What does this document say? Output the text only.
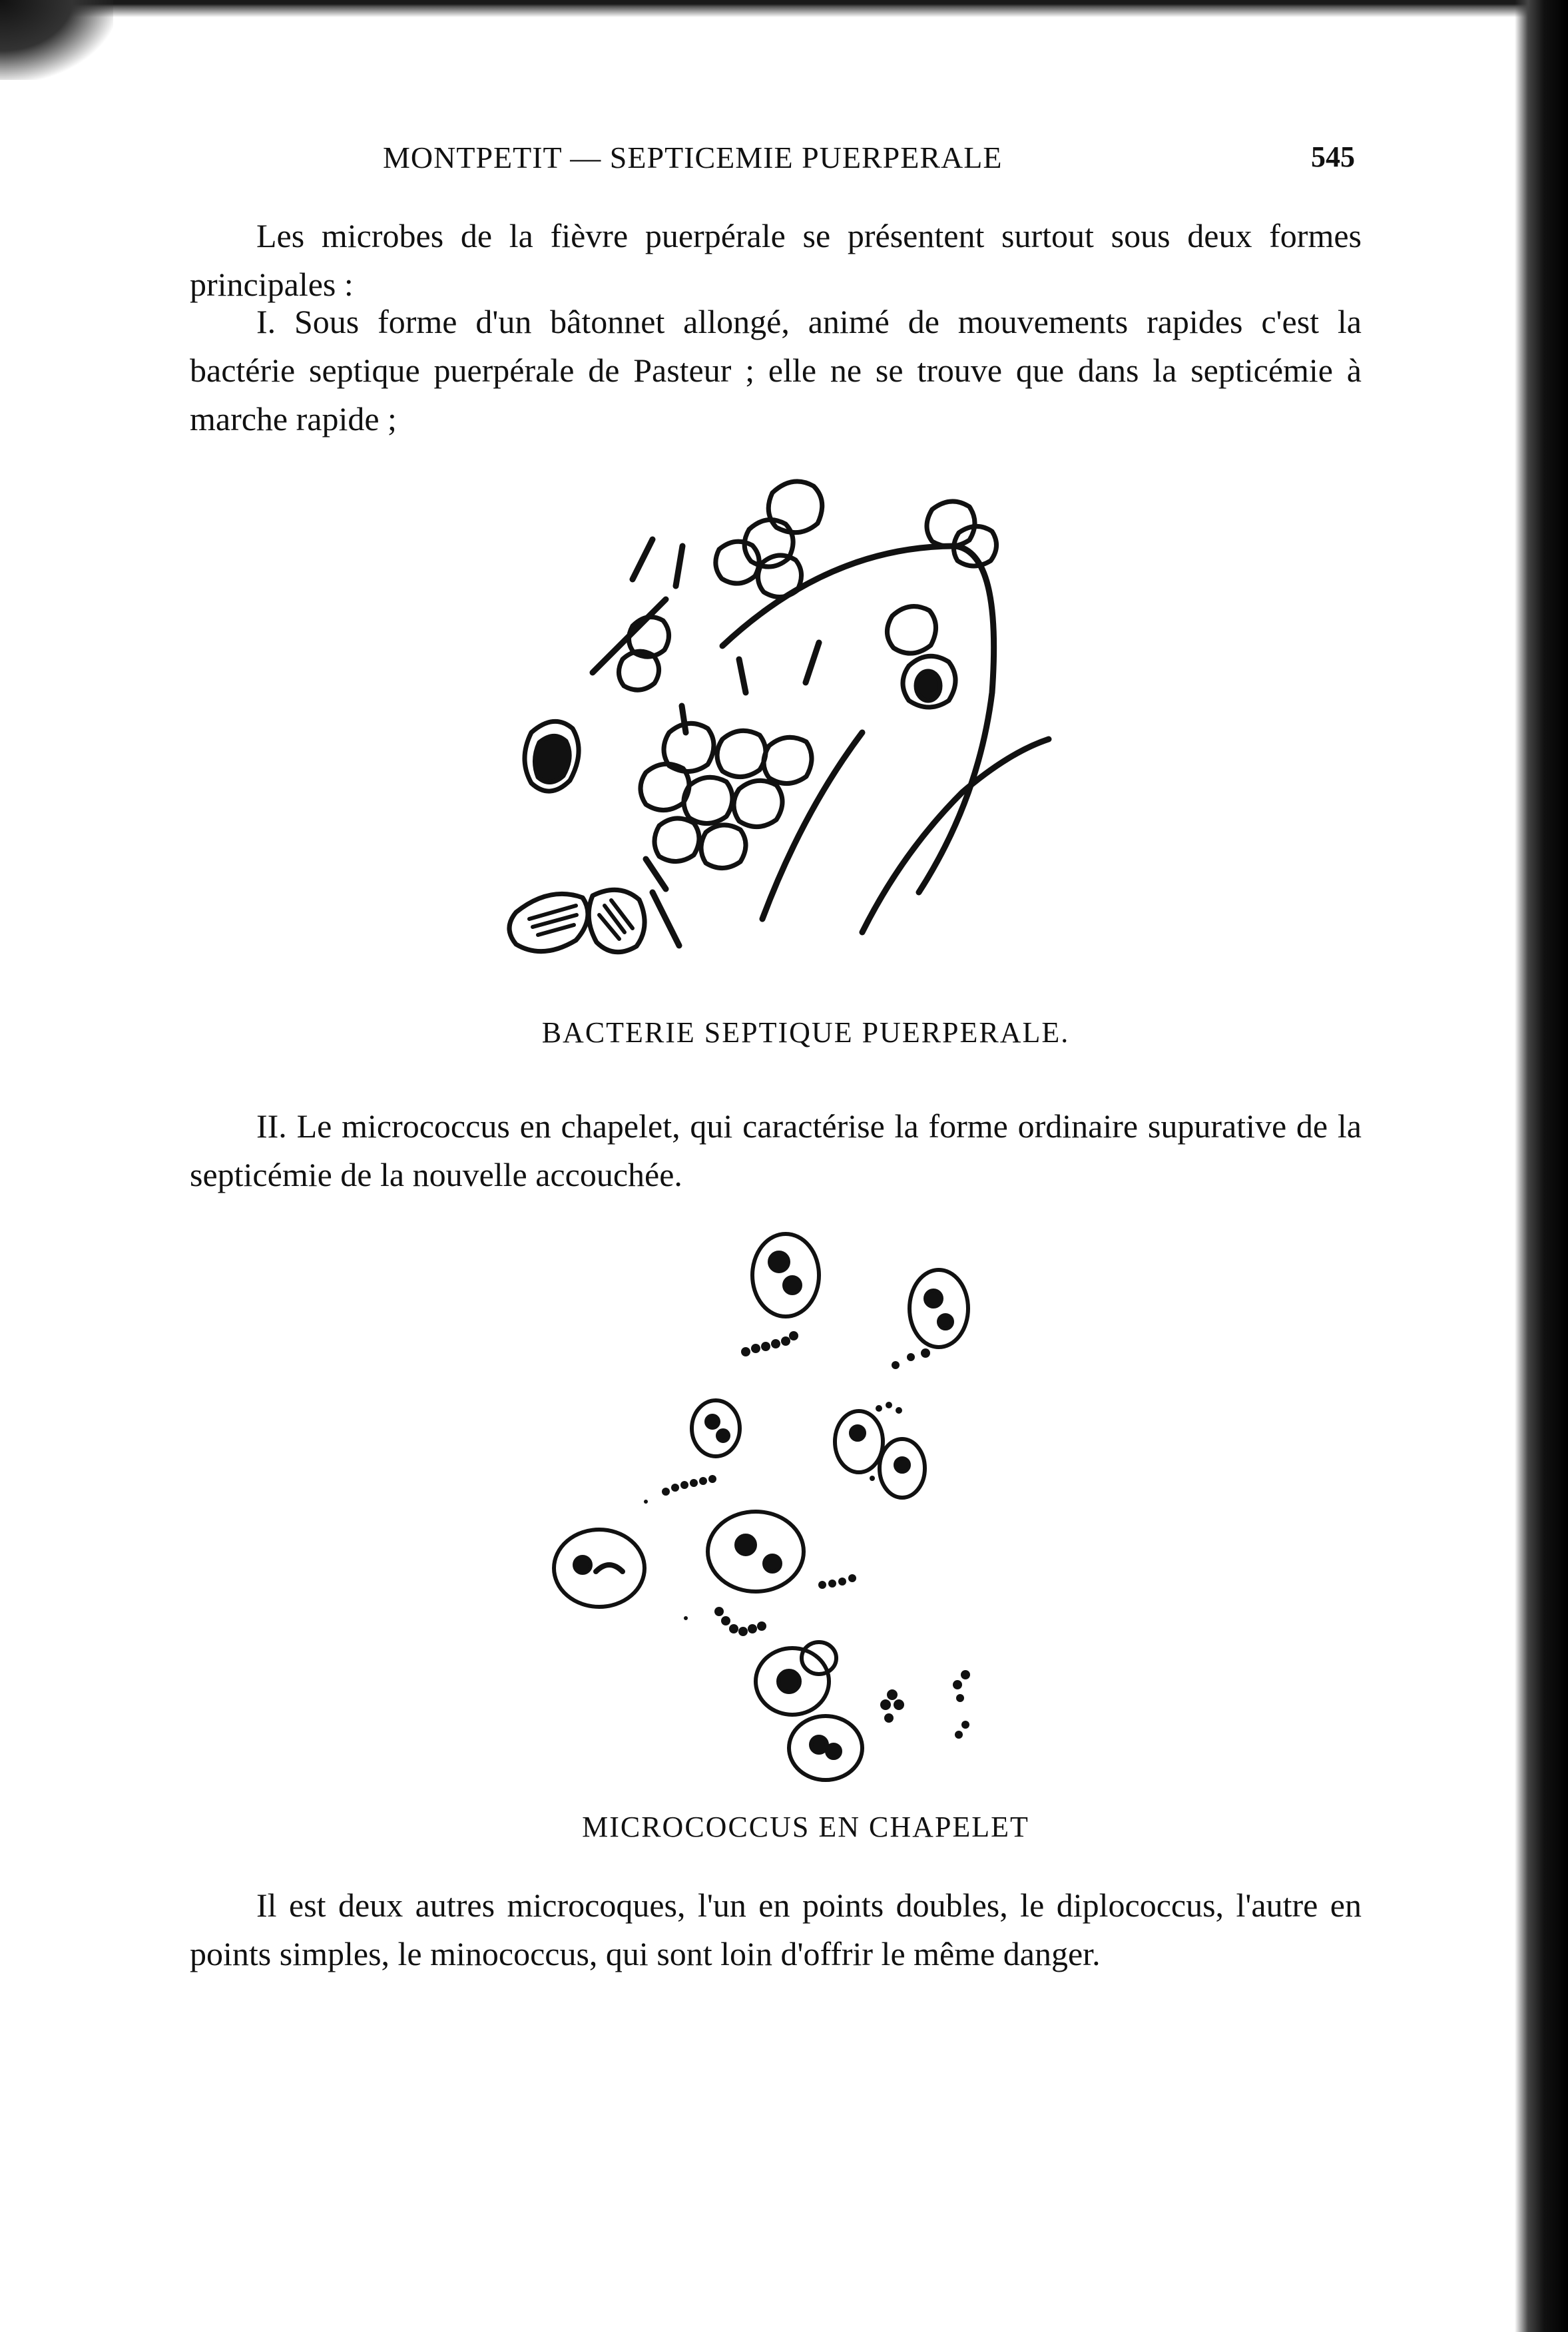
MONTPETIT — SEPTICEMIE PUERPERALE	545

Les microbes de la fièvre puerpérale se présentent surtout sous deux formes principales :

I. Sous forme d'un bâtonnet allongé, animé de mouvements rapides c'est la bactérie septique puerpérale de Pasteur ; elle ne se trouve que dans la septicémie à marche rapide ;

BACTERIE SEPTIQUE PUERPERALE.

II. Le micrococcus en chapelet, qui caractérise la forme ordinaire supurative de la septicémie de la nouvelle accouchée.

MICROCOCCUS EN CHAPELET

Il est deux autres microcoques, l'un en points doubles, le diplococcus, l'autre en points simples, le minococcus, qui sont loin d'offrir le même danger.
